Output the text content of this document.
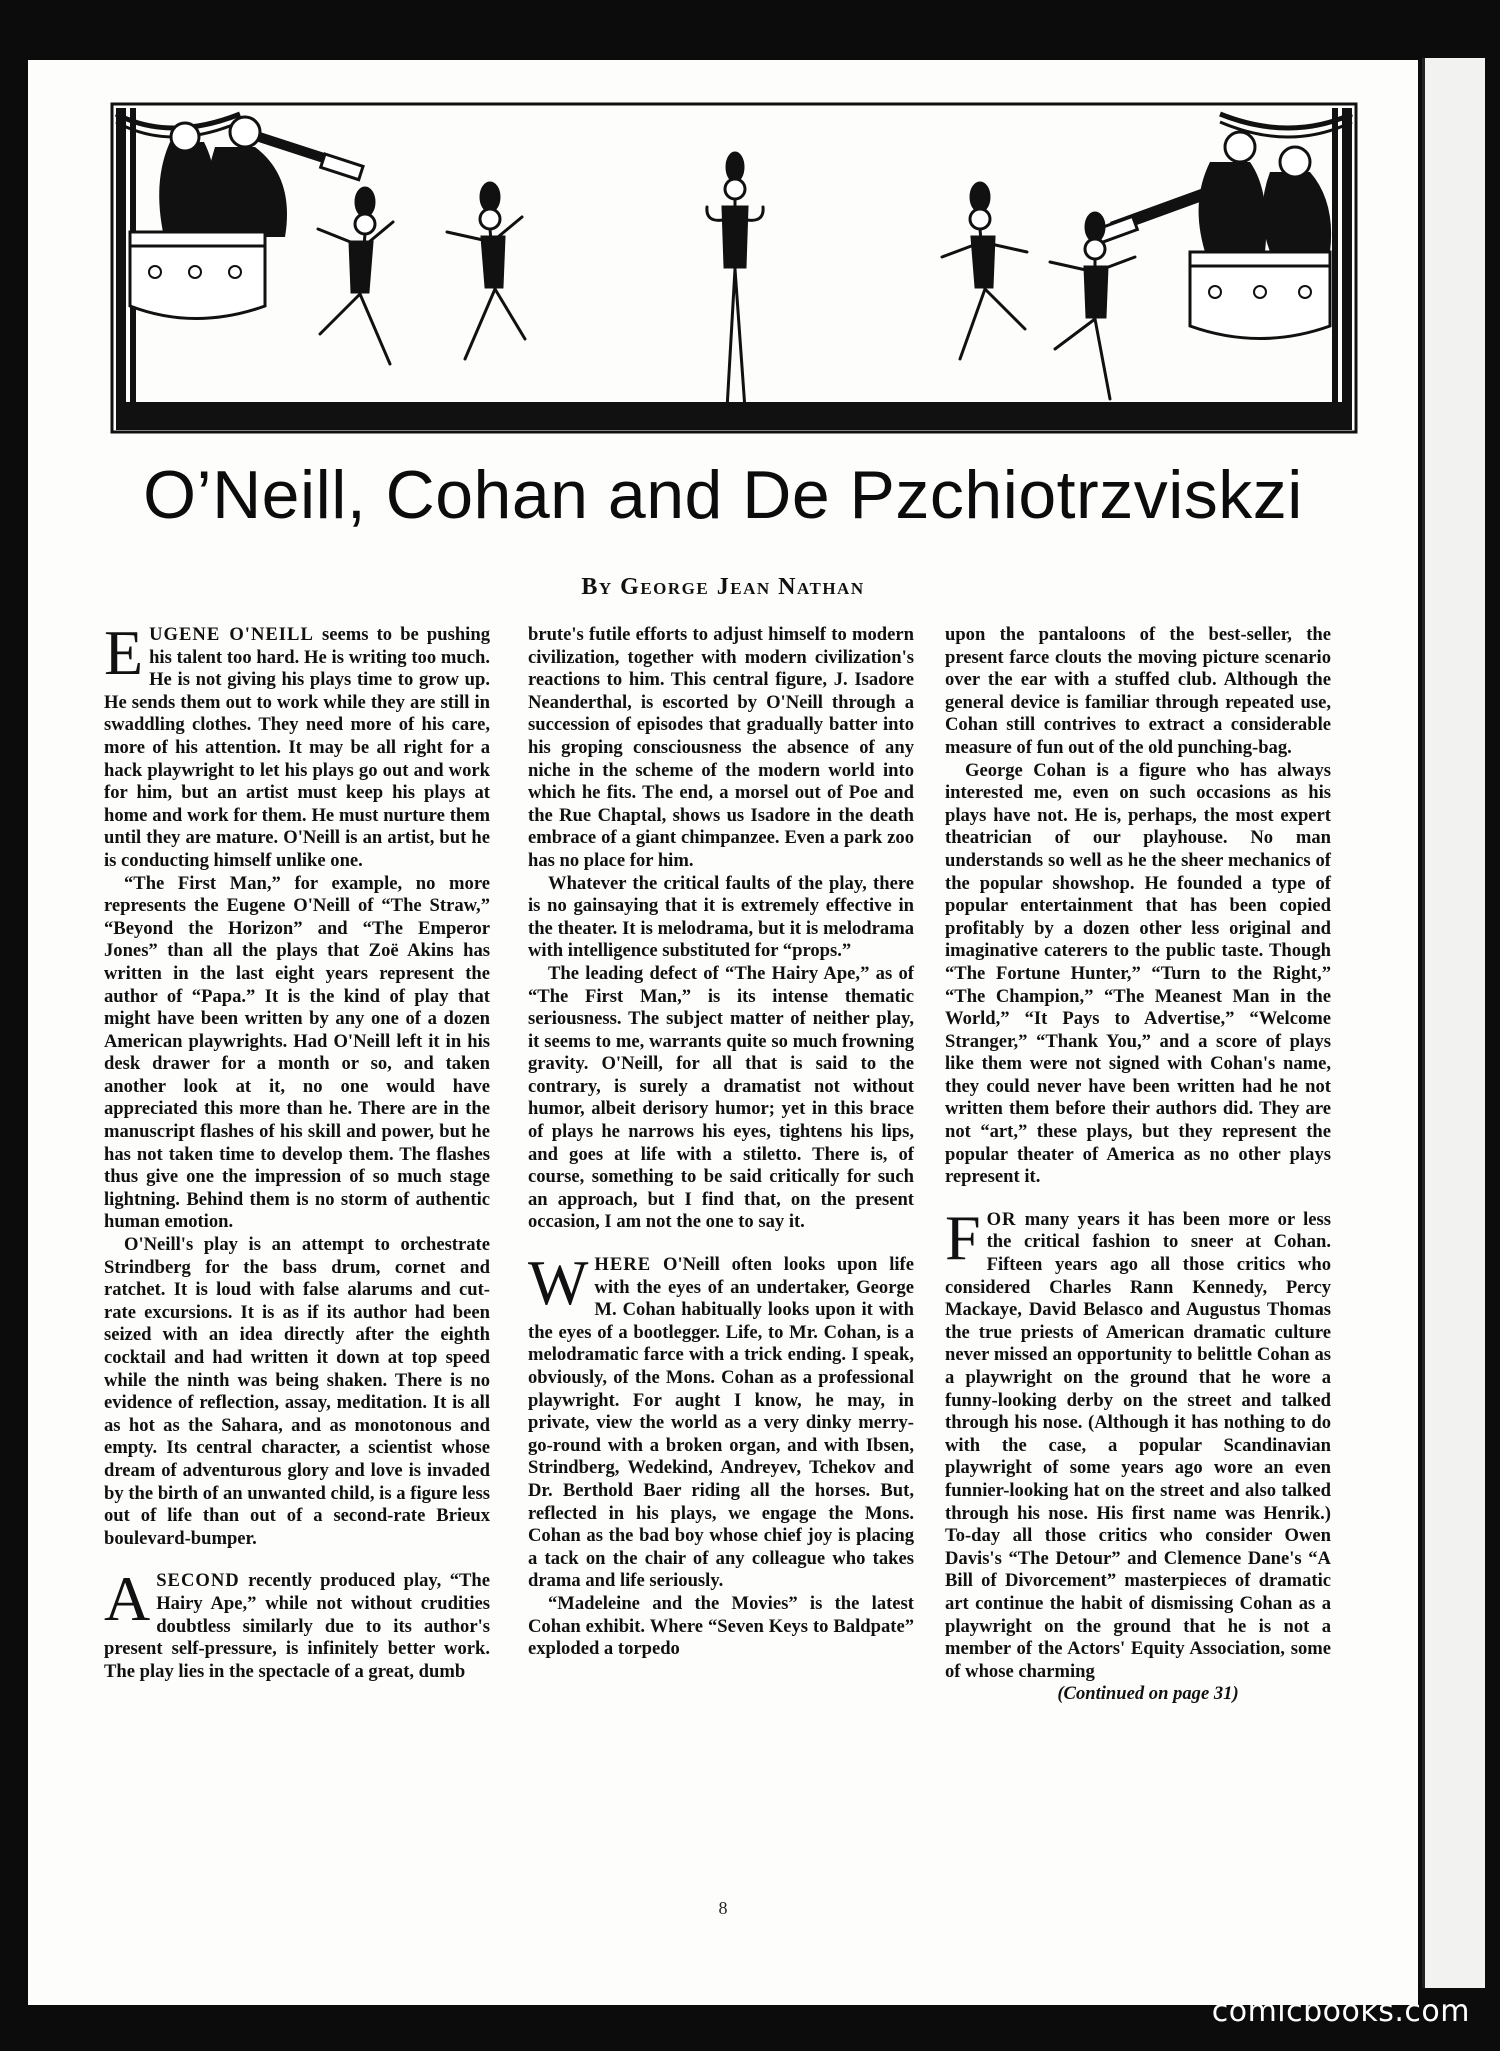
O’Neill, Cohan and De Pzchiotrzviskzi
By George Jean Nathan

EUGENE O'NEILL seems to be pushing his talent too hard. He is writing too much. He is not giving his plays time to grow up. He sends them out to work while they are still in swaddling clothes. They need more of his care, more of his attention. It may be all right for a hack playwright to let his plays go out and work for him, but an artist must keep his plays at home and work for them. He must nurture them until they are mature. O'Neill is an artist, but he is conducting himself unlike one.

“The First Man,” for example, no more represents the Eugene O'Neill of “The Straw,” “Beyond the Horizon” and “The Emperor Jones” than all the plays that Zoë Akins has written in the last eight years represent the author of “Papa.” It is the kind of play that might have been written by any one of a dozen American playwrights. Had O'Neill left it in his desk drawer for a month or so, and taken another look at it, no one would have appreciated this more than he. There are in the manuscript flashes of his skill and power, but he has not taken time to develop them. The flashes thus give one the impression of so much stage lightning. Behind them is no storm of authentic human emotion.

O'Neill's play is an attempt to orchestrate Strindberg for the bass drum, cornet and ratchet. It is loud with false alarums and cut-rate excursions. It is as if its author had been seized with an idea directly after the eighth cocktail and had written it down at top speed while the ninth was being shaken. There is no evidence of reflection, assay, meditation. It is all as hot as the Sahara, and as monotonous and empty. Its central character, a scientist whose dream of adventurous glory and love is invaded by the birth of an unwanted child, is a figure less out of life than out of a second-rate Brieux boulevard-bumper.

A SECOND recently produced play, “The Hairy Ape,” while not without crudities doubtless similarly due to its author's present self-pressure, is infinitely better work. The play lies in the spectacle of a great, dumb

brute's futile efforts to adjust himself to modern civilization, together with modern civilization's reactions to him. This central figure, J. Isadore Neanderthal, is escorted by O'Neill through a succession of episodes that gradually batter into his groping consciousness the absence of any niche in the scheme of the modern world into which he fits. The end, a morsel out of Poe and the Rue Chaptal, shows us Isadore in the death embrace of a giant chimpanzee. Even a park zoo has no place for him.

Whatever the critical faults of the play, there is no gainsaying that it is extremely effective in the theater. It is melodrama, but it is melodrama with intelligence substituted for “props.”

The leading defect of “The Hairy Ape,” as of “The First Man,” is its intense thematic seriousness. The subject matter of neither play, it seems to me, warrants quite so much frowning gravity. O'Neill, for all that is said to the contrary, is surely a dramatist not without humor, albeit derisory humor; yet in this brace of plays he narrows his eyes, tightens his lips, and goes at life with a stiletto. There is, of course, something to be said critically for such an approach, but I find that, on the present occasion, I am not the one to say it.

WHERE O'Neill often looks upon life with the eyes of an undertaker, George M. Cohan habitually looks upon it with the eyes of a bootlegger. Life, to Mr. Cohan, is a melodramatic farce with a trick ending. I speak, obviously, of the Mons. Cohan as a professional playwright. For aught I know, he may, in private, view the world as a very dinky merry-go-round with a broken organ, and with Ibsen, Strindberg, Wedekind, Andreyev, Tchekov and Dr. Berthold Baer riding all the horses. But, reflected in his plays, we engage the Mons. Cohan as the bad boy whose chief joy is placing a tack on the chair of any colleague who takes drama and life seriously.

“Madeleine and the Movies” is the latest Cohan exhibit. Where “Seven Keys to Baldpate” exploded a torpedo

upon the pantaloons of the best-seller, the present farce clouts the moving picture scenario over the ear with a stuffed club. Although the general device is familiar through repeated use, Cohan still contrives to extract a considerable measure of fun out of the old punching-bag.

George Cohan is a figure who has always interested me, even on such occasions as his plays have not. He is, perhaps, the most expert theatrician of our playhouse. No man understands so well as he the sheer mechanics of the popular showshop. He founded a type of popular entertainment that has been copied profitably by a dozen other less original and imaginative caterers to the public taste. Though “The Fortune Hunter,” “Turn to the Right,” “The Champion,” “The Meanest Man in the World,” “It Pays to Advertise,” “Welcome Stranger,” “Thank You,” and a score of plays like them were not signed with Cohan's name, they could never have been written had he not written them before their authors did. They are not “art,” these plays, but they represent the popular theater of America as no other plays represent it.

FOR many years it has been more or less the critical fashion to sneer at Cohan. Fifteen years ago all those critics who considered Charles Rann Kennedy, Percy Mackaye, David Belasco and Augustus Thomas the true priests of American dramatic culture never missed an opportunity to belittle Cohan as a playwright on the ground that he wore a funny-looking derby on the street and talked through his nose. (Although it has nothing to do with the case, a popular Scandinavian playwright of some years ago wore an even funnier-looking hat on the street and also talked through his nose. His first name was Henrik.) To-day all those critics who consider Owen Davis's “The Detour” and Clemence Dane's “A Bill of Divorcement” masterpieces of dramatic art continue the habit of dismissing Cohan as a playwright on the ground that he is not a member of the Actors' Equity Association, some of whose charming

(Continued on page 31)

8
comicbooks.com
